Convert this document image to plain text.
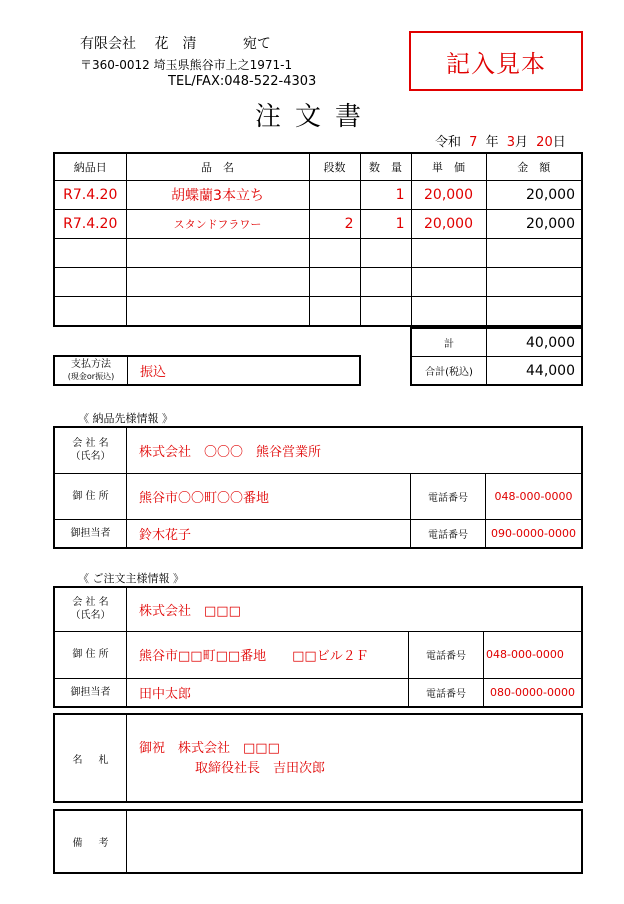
有限会社　 花　清　　　	宛て
〒360-0012 埼玉県熊谷市上之1971-1
TEL/FAX:048-522-4303
記入見本
注文書
令和 7 年 3月 20日
納品日	品　名	段数	数　量	単　価	金　額
R7.4.20	胡蝶蘭3本立ち		1	20,000	20,000
R7.4.20	スタンドフラワー	2	1	20,000	20,000

計	40,000
合計(税込)	44,000
支払方法
(現金or振込)	振込
《 納品先様情報 》
会 社 名
（氏名）	株式会社　〇〇〇　熊谷営業所		
御 住 所	熊谷市〇〇町〇〇番地	電話番号	048-000-0000
御担当者	鈴木花子	電話番号	090-0000-0000
《 ご注文主様情報 》
会 社 名
（氏名）	株式会社　□□□		
御 住 所	熊谷市□□町□□番地　　□□ビル２Ｆ	電話番号	048-000-0000
御担当者	田中太郎	電話番号	080-0000-0000
名札
御祝　株式会社　□□□
取締役社長　吉田次郎
備考
